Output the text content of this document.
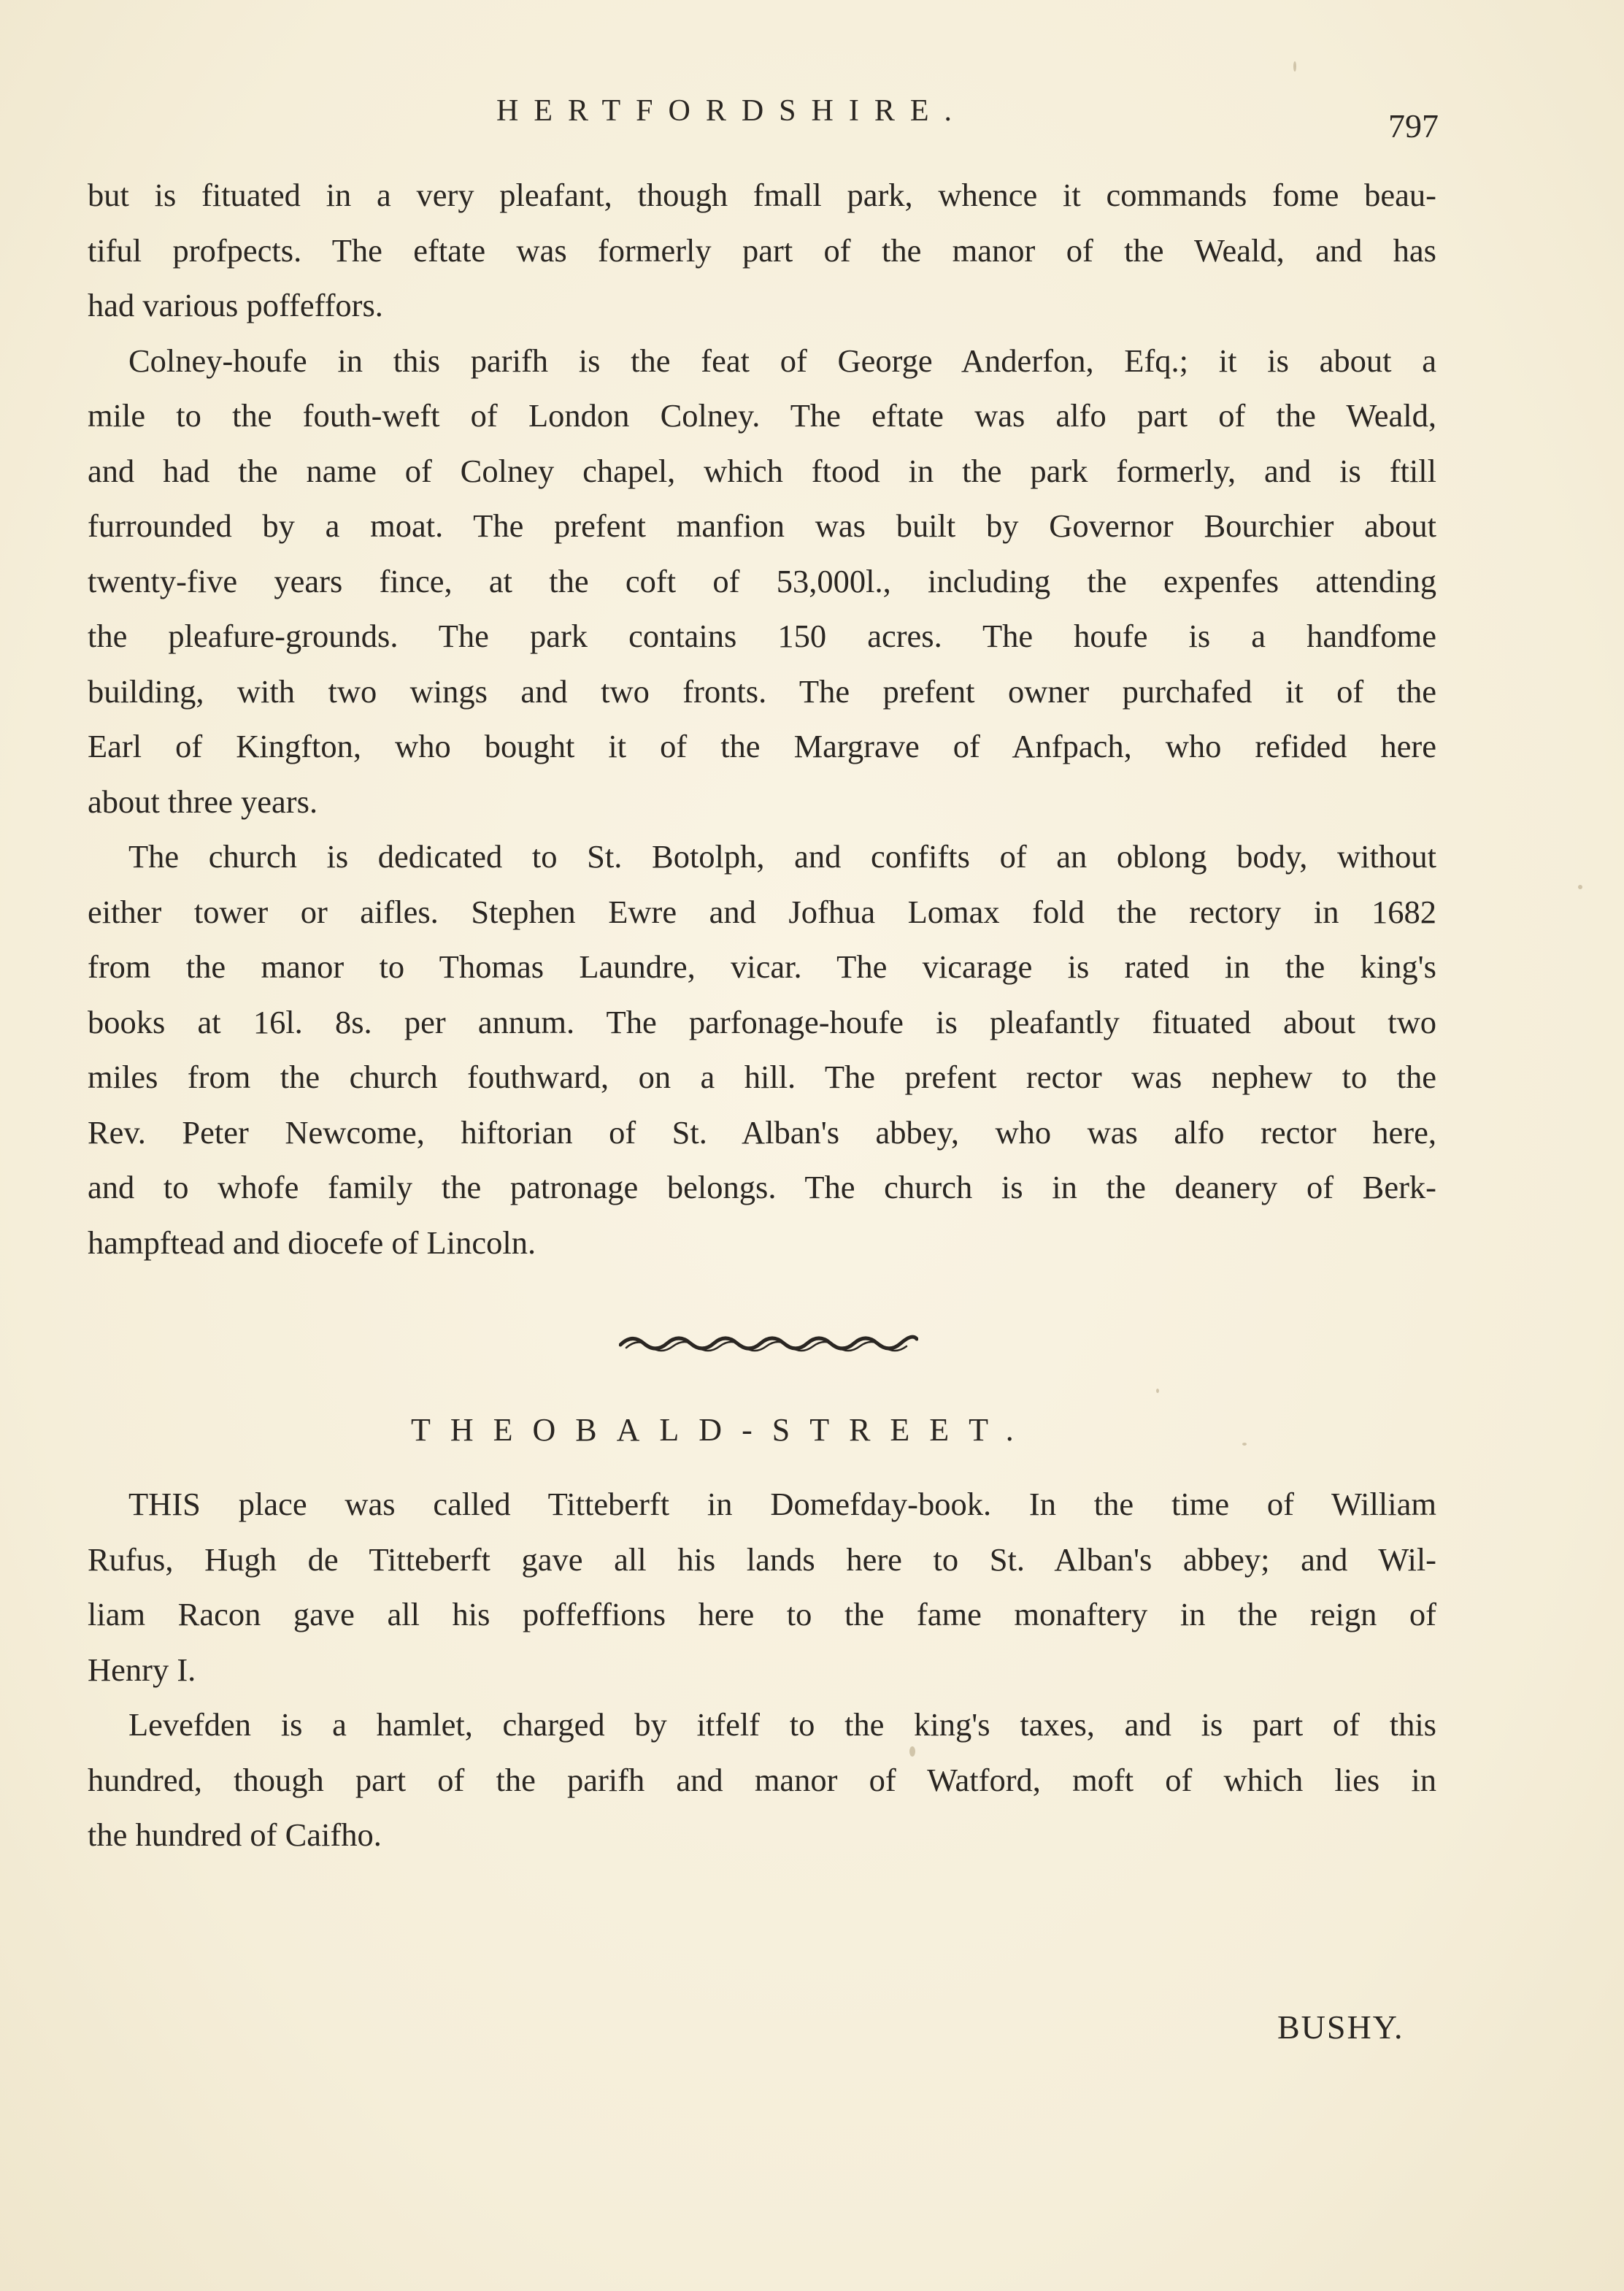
HERTFORDSHIRE.	797
but is fituated in a very pleafant, though fmall park, whence it commands fome beau-
tiful profpects. The eftate was formerly part of the manor of the Weald, and has
had various poffeffors.
Colney-houfe in this parifh is the feat of George Anderfon, Efq.; it is about a
mile to the fouth-weft of London Colney. The eftate was alfo part of the Weald,
and had the name of Colney chapel, which ftood in the park formerly, and is ftill
furrounded by a moat. The prefent manfion was built by Governor Bourchier about
twenty-five years fince, at the coft of 53,000l., including the expenfes attending
the pleafure-grounds. The park contains 150 acres. The houfe is a handfome
building, with two wings and two fronts. The prefent owner purchafed it of the
Earl of Kingfton, who bought it of the Margrave of Anfpach, who refided here
about three years.
The church is dedicated to St. Botolph, and confifts of an oblong body, without
either tower or aifles. Stephen Ewre and Jofhua Lomax fold the rectory in 1682
from the manor to Thomas Laundre, vicar. The vicarage is rated in the king's
books at 16l. 8s. per annum. The parfonage-houfe is pleafantly fituated about two
miles from the church fouthward, on a hill. The prefent rector was nephew to the
Rev. Peter Newcome, hiftorian of St. Alban's abbey, who was alfo rector here,
and to whofe family the patronage belongs. The church is in the deanery of Berk-
hampftead and diocefe of Lincoln.
THEOBALD-STREET.
THIS place was called Titteberft in Domefday-book. In the time of William
Rufus, Hugh de Titteberft gave all his lands here to St. Alban's abbey; and Wil-
liam Racon gave all his poffeffions here to the fame monaftery in the reign of
Henry I.
Levefden is a hamlet, charged by itfelf to the king's taxes, and is part of this
hundred, though part of the parifh and manor of Watford, moft of which lies in
the hundred of Caifho.
BUSHY.
